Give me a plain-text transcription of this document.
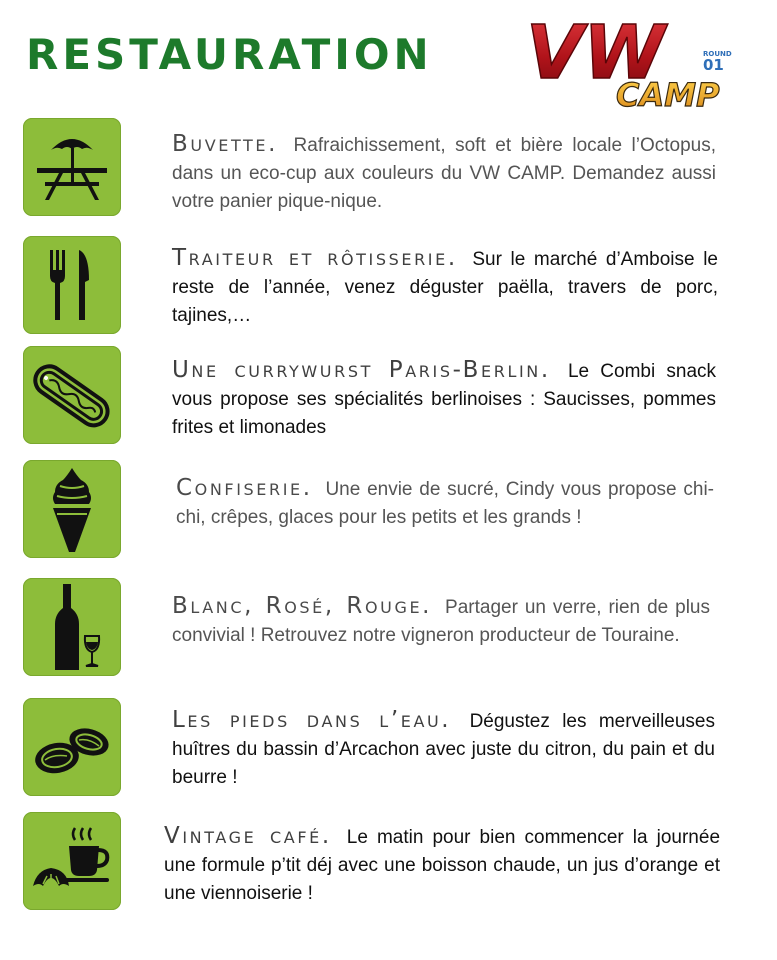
RESTAURATION VW
CAMP
ROUND
01

Buvette. Rafraichissement, soft et bière locale l’Octopus, dans un eco-cup aux couleurs du VW CAMP. Demandez aussi votre panier pique-nique.

Traiteur et rôtisserie. Sur le marché d’Amboise le reste de l’année, venez déguster paëlla, travers de porc, tajines,…

Une currywurst Paris-Berlin. Le Combi snack vous propose ses spécialités berlinoises : Saucisses, pommes frites et limonades

Confiserie. Une envie de sucré, Cindy vous propose chi-chi, crêpes, glaces pour les petits et les grands !

Blanc, Rosé, Rouge. Partager un verre, rien de plus convivial ! Retrouvez notre vigneron producteur de Touraine.

Les pieds dans l’eau. Dégustez les merveilleuses huîtres du bassin d’Arcachon avec juste du citron, du pain et du beurre !

Vintage café. Le matin pour bien commencer la journée une formule p’tit déj avec une boisson chaude, un jus d’orange et une viennoiserie !
